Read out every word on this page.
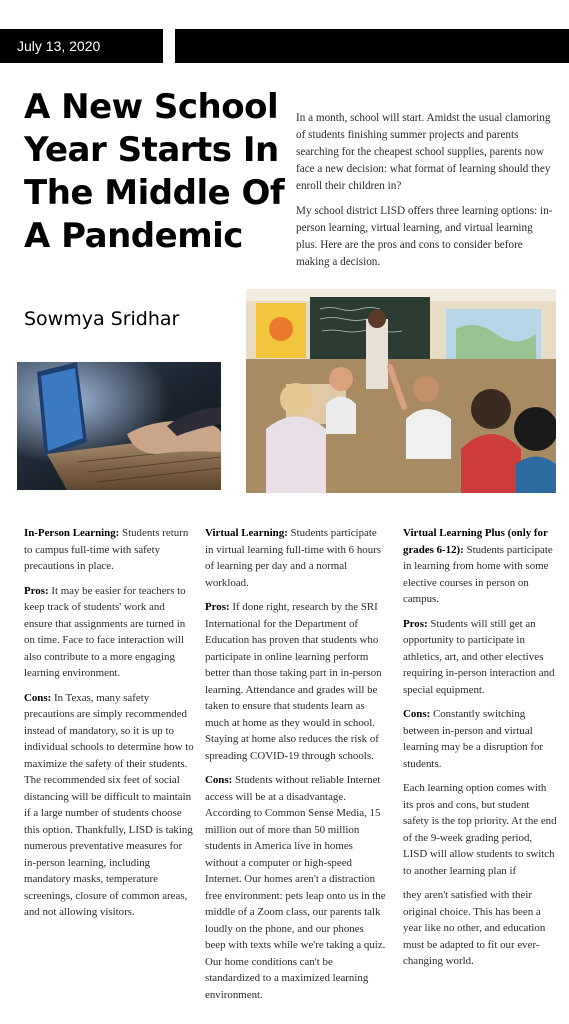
July 13, 2020
A New School Year Starts In The Middle Of A Pandemic
Sowmya Sridhar

In a month, school will start. Amidst the usual clamoring of students finishing summer projects and parents searching for the cheapest school supplies, parents now face a new decision: what format of learning should they enroll their children in?

My school district LISD offers three learning options: in-person learning, virtual learning, and virtual learning plus. Here are the pros and cons to consider before making a decision.

In-Person Learning: Students return to campus full-time with safety precautions in place.

Pros: It may be easier for teachers to keep track of students' work and ensure that assignments are turned in on time. Face to face interaction will also contribute to a more engaging learning environment.

Cons: In Texas, many safety precautions are simply recommended instead of mandatory, so it is up to individual schools to determine how to maximize the safety of their students. The recommended six feet of social distancing will be difficult to maintain if a large number of students choose this option. Thankfully, LISD is taking numerous preventative measures for in-person learning, including mandatory masks, temperature screenings, closure of common areas, and not allowing visitors.

Virtual Learning: Students participate in virtual learning full-time with 6 hours of learning per day and a normal workload.

Pros: If done right, research by the SRI International for the Department of Education has proven that students who participate in online learning perform better than those taking part in in-person learning. Attendance and grades will be taken to ensure that students learn as much at home as they would in school. Staying at home also reduces the risk of spreading COVID-19 through schools.

Cons: Students without reliable Internet access will be at a disadvantage. According to Common Sense Media, 15 million out of more than 50 million students in America live in homes without a computer or high-speed Internet. Our homes aren't a distraction free environment: pets leap onto us in the middle of a Zoom class, our parents talk loudly on the phone, and our phones beep with texts while we're taking a quiz. Our home conditions can't be standardized to a maximized learning environment.

Virtual Learning Plus (only for grades 6-12): Students participate in learning from home with some elective courses in person on campus.

Pros: Students will still get an opportunity to participate in athletics, art, and other electives requiring in-person interaction and special equipment.

Cons: Constantly switching between in-person and virtual learning may be a disruption for students.

Each learning option comes with its pros and cons, but student safety is the top priority. At the end of the 9-week grading period, LISD will allow students to switch to another learning plan if

they aren't satisfied with their original choice. This has been a year like no other, and education must be adapted to fit our ever-changing world.
